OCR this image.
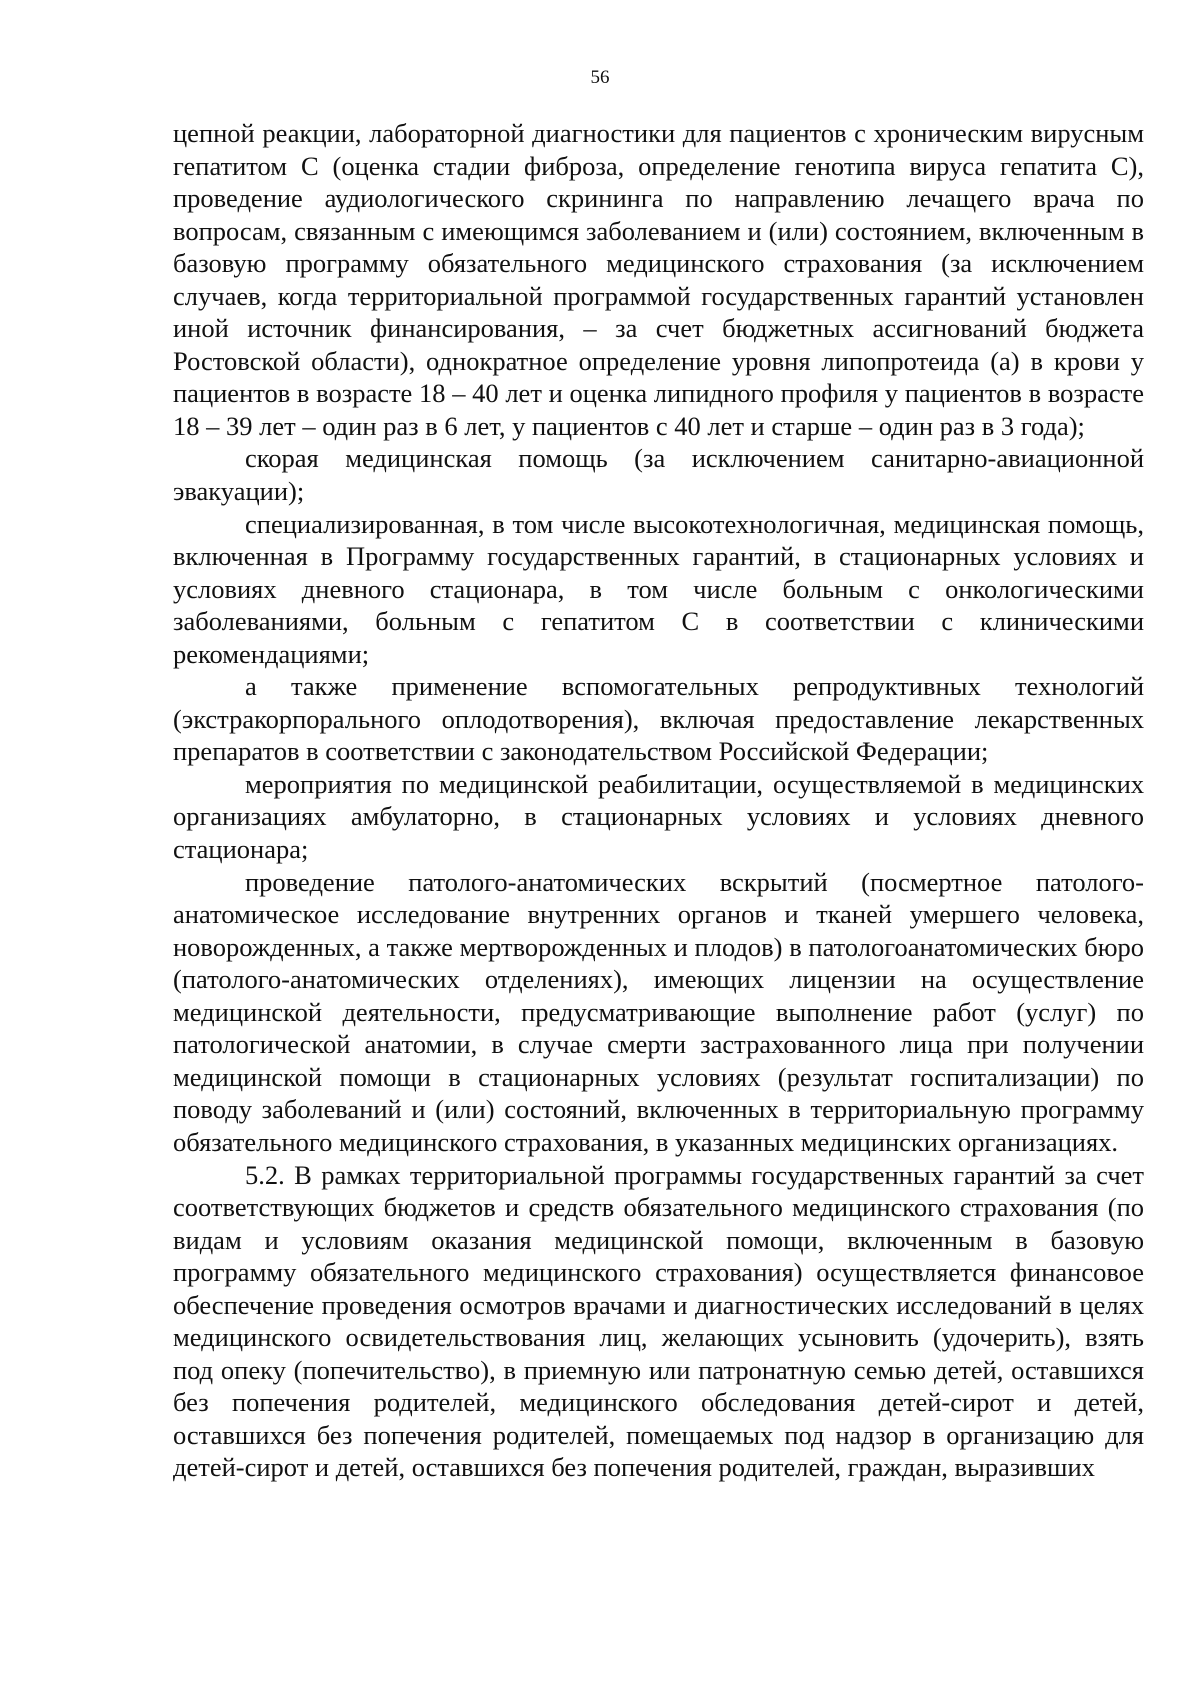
56

цепной реакции, лабораторной диагностики для пациентов с хроническим вирусным гепатитом С (оценка стадии фиброза, определение генотипа вируса гепатита С), проведение аудиологического скрининга по направлению лечащего врача по вопросам, связанным с имеющимся заболеванием и (или) состоянием, включенным в базовую программу обязательного медицинского страхования (за исключением случаев, когда территориальной программой государственных гарантий установлен иной источник финансирования, – за счет бюджетных ассигнований бюджета Ростовской области), однократное определение уровня липопротеида (а) в крови у пациентов в возрасте 18 – 40 лет и оценка липидного профиля у пациентов в возрасте 18 – 39 лет – один раз в 6 лет, у пациентов с 40 лет и старше – один раз в 3 года);

скорая медицинская помощь (за исключением санитарно-авиационной эвакуации);

специализированная, в том числе высокотехнологичная, медицинская помощь, включенная в Программу государственных гарантий, в стационарных условиях и условиях дневного стационара, в том числе больным с онкологическими заболеваниями, больным с гепатитом С в соответствии с клиническими рекомендациями;

а также применение вспомогательных репродуктивных технологий (экстракорпорального оплодотворения), включая предоставление лекарственных препаратов в соответствии с законодательством Российской Федерации;

мероприятия по медицинской реабилитации, осуществляемой в медицинских организациях амбулаторно, в стационарных условиях и условиях дневного стационара;

проведение патолого-анатомических вскрытий (посмертное патолого-анатомическое исследование внутренних органов и тканей умершего человека, новорожденных, а также мертворожденных и плодов) в патологоанатомических бюро (патолого-анатомических отделениях), имеющих лицензии на осуществление медицинской деятельности, предусматривающие выполнение работ (услуг) по патологической анатомии, в случае смерти застрахованного лица при получении медицинской помощи в стационарных условиях (результат госпитализации) по поводу заболеваний и (или) состояний, включенных в территориальную программу обязательного медицинского страхования, в указанных медицинских организациях.

5.2. В рамках территориальной программы государственных гарантий за счет соответствующих бюджетов и средств обязательного медицинского страхования (по видам и условиям оказания медицинской помощи, включенным в базовую программу обязательного медицинского страхования) осуществляется финансовое обеспечение проведения осмотров врачами и диагностических исследований в целях медицинского освидетельствования лиц, желающих усыновить (удочерить), взять под опеку (попечительство), в приемную или патронатную семью детей, оставшихся без попечения родителей, медицинского обследования детей-сирот и детей, оставшихся без попечения родителей, помещаемых под надзор в организацию для детей-сирот и детей, оставшихся без попечения родителей, граждан, выразивших
